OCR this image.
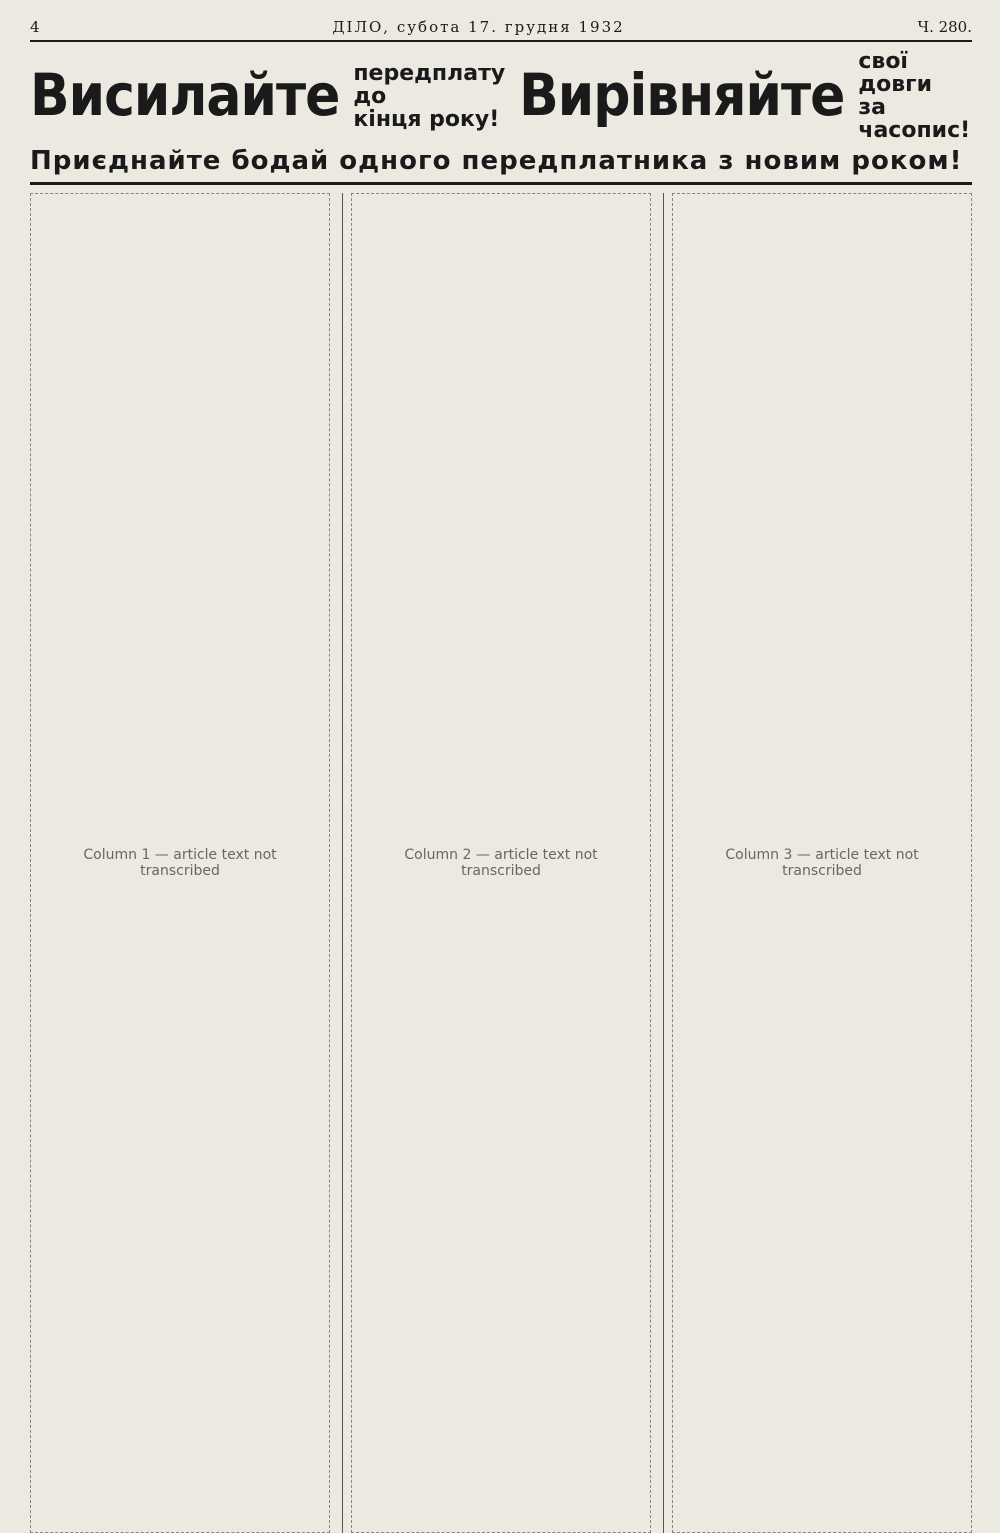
4	ДІЛО, субота 17. грудня 1932	Ч. 280.
Висилайте передплату до
кінця року! Вирівняйте
свої довги
за часопис!
Приєднайте бодай одного передплатника з новим роком!
Column 1 — article text not transcribed
Column 2 — article text not transcribed
Column 3 — article text not transcribed
